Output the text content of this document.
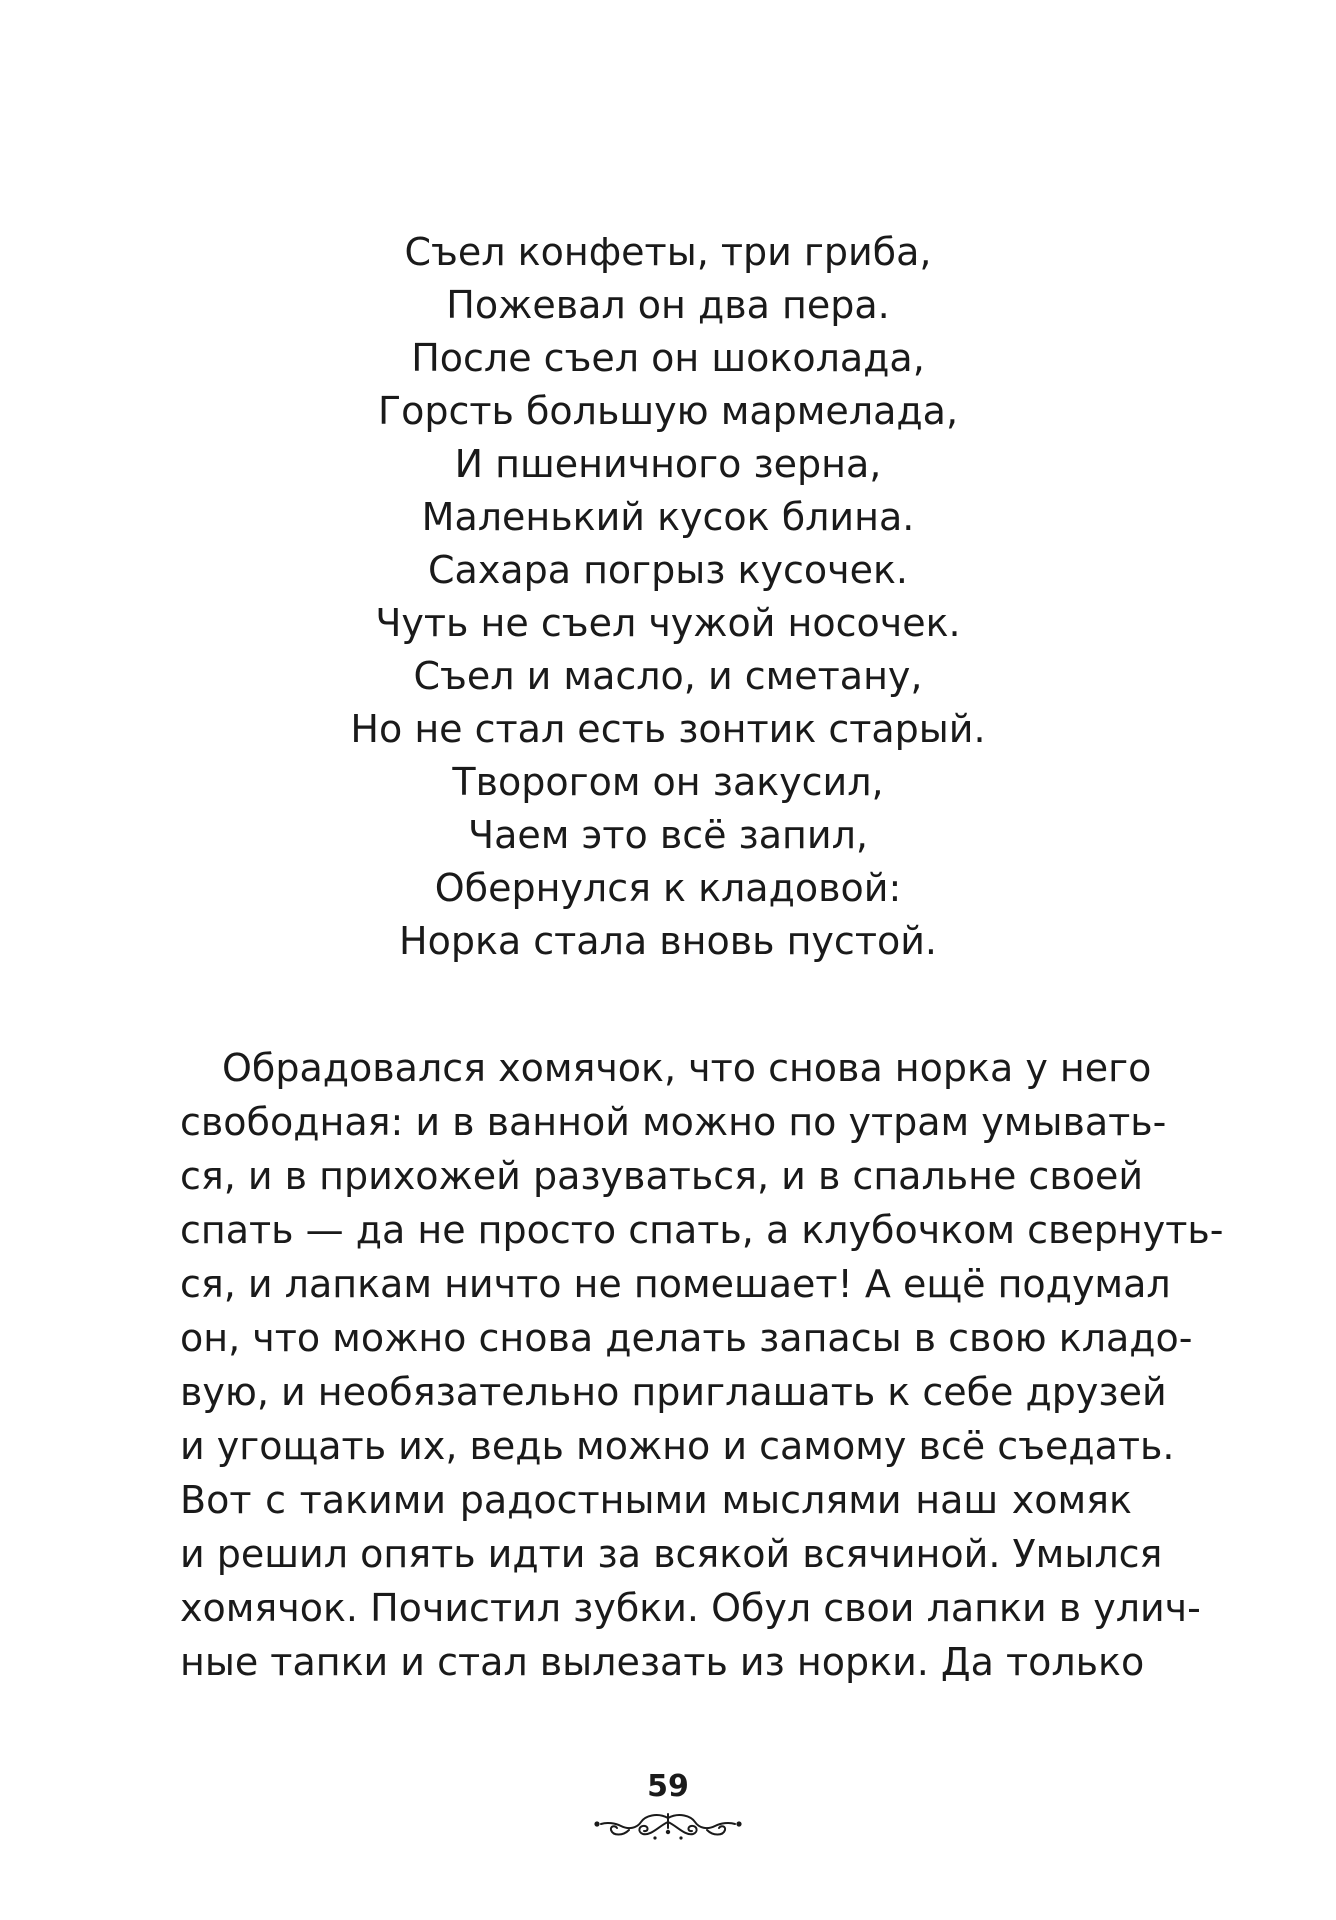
Съел конфеты, три гриба,
Пожевал он два пера.
После съел он шоколада,
Горсть большую мармелада,
И пшеничного зерна,
Маленький кусок блина.
Сахара погрыз кусочек.
Чуть не съел чужой носочек.
Съел и масло, и сметану,
Но не стал есть зонтик старый.
Творогом он закусил,
Чаем это всё запил,
Обернулся к кладовой:
Норка стала вновь пустой.
Обрадовался хомячок, что снова норка у него
свободная: и в ванной можно по утрам умывать-
ся, и в прихожей разуваться, и в спальне своей
спать — да не просто спать, а клубочком свернуть-
ся, и лапкам ничто не помешает! А ещё подумал
он, что можно снова делать запасы в свою кладо-
вую, и необязательно приглашать к себе друзей
и угощать их, ведь можно и самому всё съедать.
Вот с такими радостными мыслями наш хомяк
и решил опять идти за всякой всячиной. Умылся
хомячок. Почистил зубки. Обул свои лапки в улич-
ные тапки и стал вылезать из норки. Да только
59
